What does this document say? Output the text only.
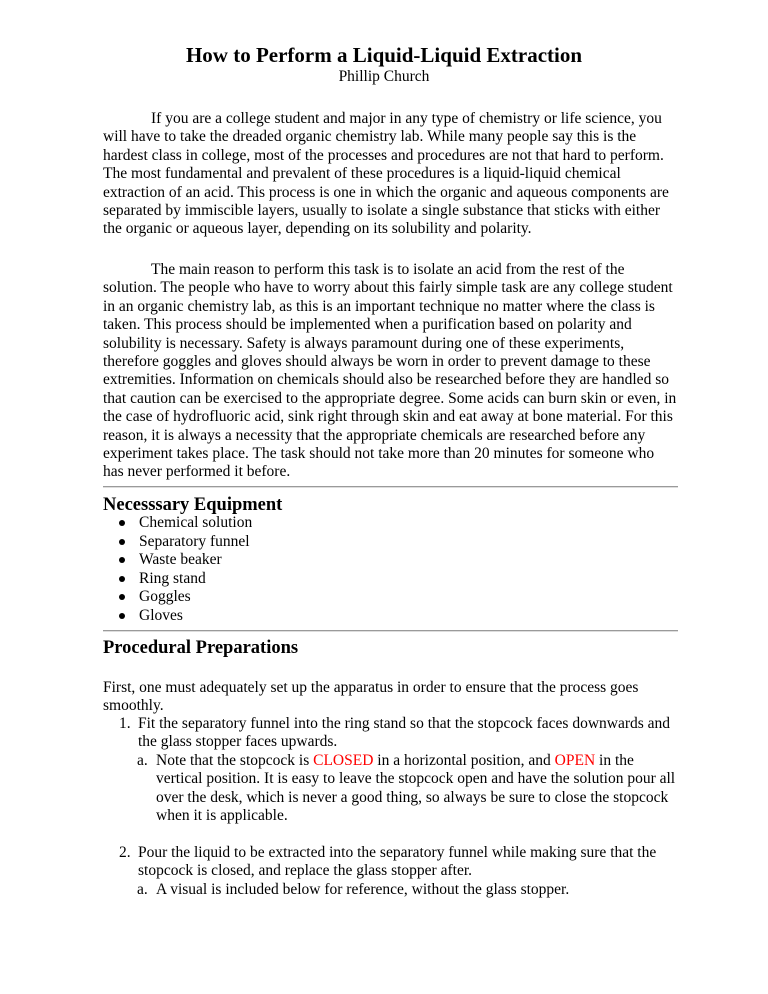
How to Perform a Liquid-Liquid Extraction
Phillip Church

If you are a college student and major in any type of chemistry or life science, you will have to take the dreaded organic chemistry lab. While many people say this is the hardest class in college, most of the processes and procedures are not that hard to perform. The most fundamental and prevalent of these procedures is a liquid-liquid chemical extraction of an acid. This process is one in which the organic and aqueous components are separated by immiscible layers, usually to isolate a single substance that sticks with either the organic or aqueous layer, depending on its solubility and polarity.

The main reason to perform this task is to isolate an acid from the rest of the solution. The people who have to worry about this fairly simple task are any college student in an organic chemistry lab, as this is an important technique no matter where the class is taken. This process should be implemented when a purification based on polarity and solubility is necessary. Safety is always paramount during one of these experiments, therefore goggles and gloves should always be worn in order to prevent damage to these extremities. Information on chemicals should also be researched before they are handled so that caution can be exercised to the appropriate degree. Some acids can burn skin or even, in the case of hydrofluoric acid, sink right through skin and eat away at bone material. For this reason, it is always a necessity that the appropriate chemicals are researched before any experiment takes place. The task should not take more than 20 minutes for someone who has never performed it before.

Necesssary Equipment
Chemical solution
Separatory funnel
Waste beaker
Ring stand
Goggles
Gloves
Procedural Preparations

First, one must adequately set up the apparatus in order to ensure that the process goes smoothly.

1. Fit the separatory funnel into the ring stand so that the stopcock faces downwards and the glass stopper faces upwards.
a. Note that the stopcock is CLOSED in a horizontal position, and OPEN in the vertical position. It is easy to leave the stopcock open and have the solution pour all over the desk, which is never a good thing, so always be sure to close the stopcock when it is applicable.
2. Pour the liquid to be extracted into the separatory funnel while making sure that the stopcock is closed, and replace the glass stopper after.
a. A visual is included below for reference, without the glass stopper.
